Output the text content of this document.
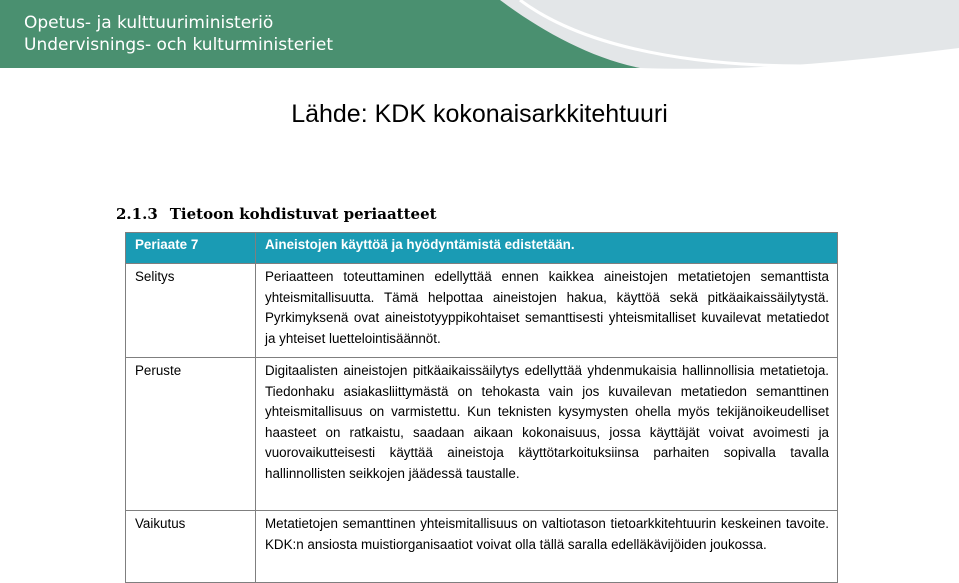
Opetus- ja kulttuuriministeriö
Undervisnings- och kulturministeriet
Lähde: KDK kokonaisarkkitehtuuri
2.1.3 Tietoon kohdistuvat periaatteet
Periaate 7	Aineistojen käyttöä ja hyödyntämistä edistetään.
Selitys	Periaatteen toteuttaminen edellyttää ennen kaikkea aineistojen metatietojen semanttista yhteismitallisuutta. Tämä helpottaa aineistojen hakua, käyttöä sekä pitkäaikaissäilytystä. Pyrkimyksenä ovat aineistotyyppikohtaiset semanttisesti yhteismitalliset kuvailevat metatiedot ja yhteiset luettelointisäännöt.
Peruste	Digitaalisten aineistojen pitkäaikaissäilytys edellyttää yhdenmukaisia hallinnollisia metatietoja. Tiedonhaku asiakasliittymästä on tehokasta vain jos kuvailevan metatiedon semanttinen yhteismitallisuus on varmistettu. Kun teknisten kysymysten ohella myös tekijänoikeudelliset haasteet on ratkaistu, saadaan aikaan kokonaisuus, jossa käyttäjät voivat avoimesti ja vuorovaikutteisesti käyttää aineistoja käyttötarkoituksiinsa parhaiten sopivalla tavalla hallinnollisten seikkojen jäädessä taustalle.
Vaikutus	Metatietojen semanttinen yhteismitallisuus on valtiotason tietoarkkitehtuurin keskeinen tavoite. KDK:n ansiosta muistiorganisaatiot voivat olla tällä saralla edelläkävijöiden joukossa.
